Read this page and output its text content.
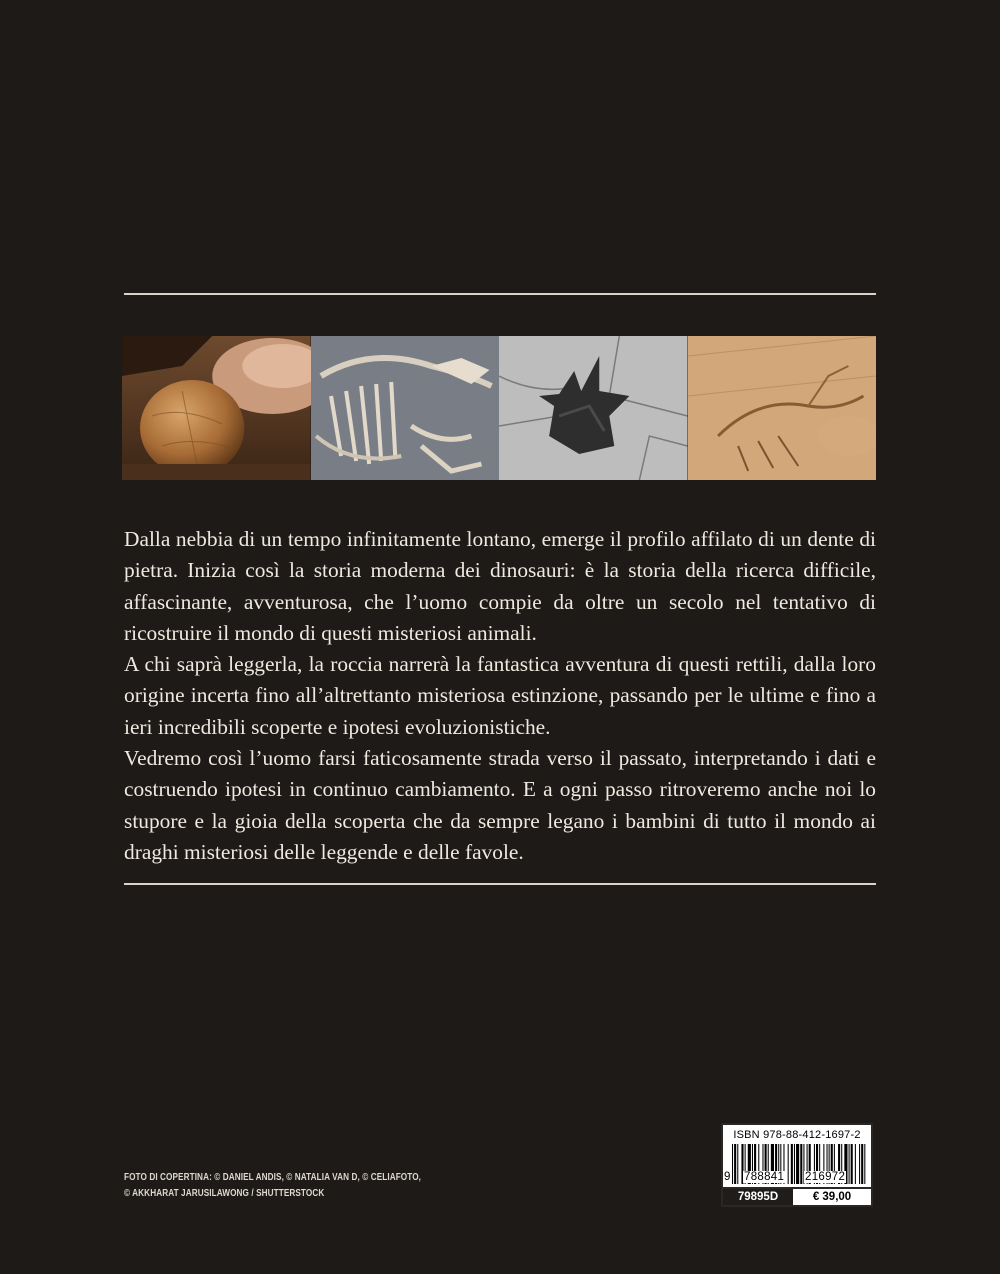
Dalla nebbia di un tempo infinitamente lontano, emerge il profilo affilato di un dente di pietra. Inizia così la storia moderna dei dinosauri: è la storia della ricerca difficile, affascinante, avventurosa, che l’uomo compie da oltre un secolo nel tentativo di ricostruire il mondo di questi misteriosi animali.

A chi saprà leggerla, la roccia narrerà la fantastica avventura di questi rettili, dalla loro origine incerta fino all’altrettanto misteriosa estinzione, passando per le ultime e fino a ieri incredibili scoperte e ipotesi evoluzionistiche.

Vedremo così l’uomo farsi faticosamente strada verso il passato, interpretando i dati e costruendo ipotesi in continuo cambiamento. E a ogni passo ritroveremo anche noi lo stupore e la gioia della scoperta che da sempre legano i bambini di tutto il mondo ai draghi misteriosi delle leggende e delle favole.

FOTO DI COPERTINA: © DANIEL ANDIS, © NATALIA VAN D, © CELIAFOTO,
© AKKHARAT JARUSILAWONG / SHUTTERSTOCK
ISBN 978-88-412-1697-2
9 788841 216972
79895D	€ 39,00
